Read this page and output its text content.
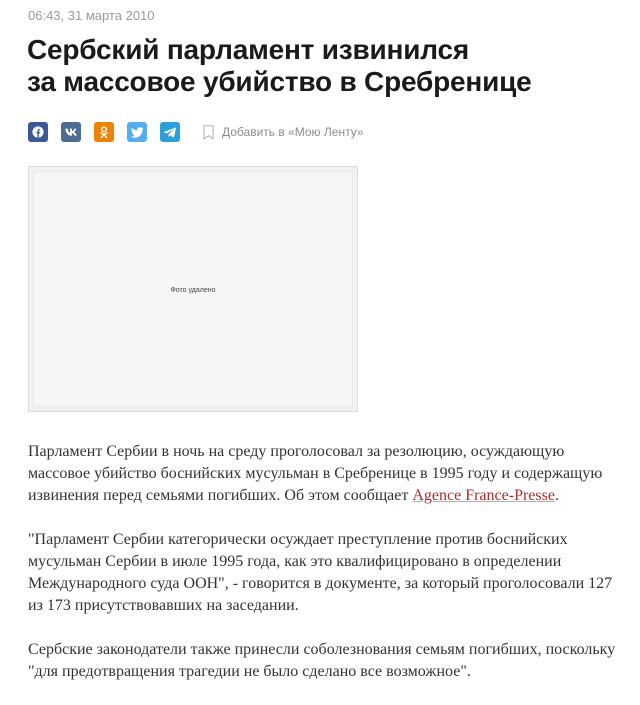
06:43, 31 марта 2010
Сербский парламент извинился
за массовое убийство в Сребренице
Добавить в «Мою Ленту»
Фото удалено

Парламент Сербии в ночь на среду проголосовал за резолюцию, осуждающую массовое убийство боснийских мусульман в Сребренице в 1995 году и содержащую извинения перед семьями погибших. Об этом сообщает Agence France-Presse.

"Парламент Сербии категорически осуждает преступление против боснийских мусульман Сербии в июле 1995 года, как это квалифицировано в определении Международного суда ООН", - говорится в документе, за который проголосовали 127 из 173 присутствовавших на заседании.

Сербские законодатели также принесли соболезнования семьям погибших, поскольку "для предотвращения трагедии не было сделано все возможное".
